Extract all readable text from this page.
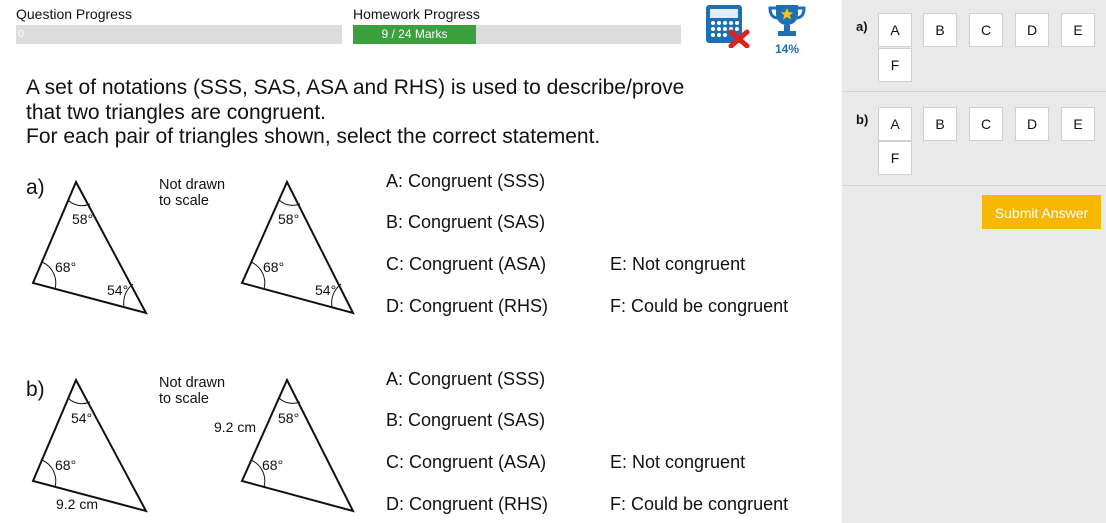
Question Progress
0
Homework Progress
9 / 24 Marks
14%
A set of notations (SSS, SAS, ASA and RHS) is used to describe/prove
that two triangles are congruent.
For each pair of triangles shown, select the correct statement.
a)	Not drawn
to scale
A: Congruent (SSS)
B: Congruent (SAS)
C: Congruent (ASA)
D: Congruent (RHS)
E: Not congruent
F: Could be congruent
b)	Not drawn
to scale
A: Congruent (SSS)
B: Congruent (SAS)
C: Congruent (ASA)
D: Congruent (RHS)
E: Not congruent
F: Could be congruent
58°
68°
54°
58°
68°
54°
54°
68°
9.2 cm
58°
68°
9.2 cm
a)	A	B	C	D	E
F
b)	A	B	C	D	E
F
Submit Answer
